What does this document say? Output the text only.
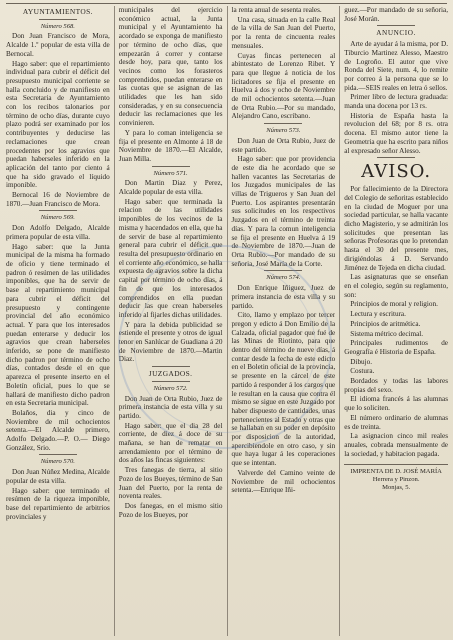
AYUNTAMIENTOS.
Número 568.

Don Juan Francisco de Mora, Alcalde 1.º popular de esta villa de Bernocal.

Hago saber: que el repartimiento individual para cubrir el déficit del presupuesto municipal corriente se halla concluido y de manifiesto en esta Secretaria de Ayuntamiento con los recibos talonarios por término de ocho días, durante cuyo plazo podrá ser examinado por los contribuyentes y deducirse las reclamaciones que crean procedentes por los agravios que puedan haberseles inferido en la aplicación del tanto por ciento á que ha sido gravado el líquido imponible.

Bernocal 16 de Noviembre de 1870.—Juan Francisco de Mora.

Número 569.

Don Adolfo Delgado, Alcalde primera popular de esta villa.

Hago saber: que la Junta municipal de la misma ha formado de oficio y tiene terminado el padron ó resúmen de las utilidades imponibles, que ha de servir de base al repartimiento municipal para cubrir el déficit del presupuesto y contingente provincial del año económico actual. Y para que los interesados puedan enterarse y deducir los agravios que crean haberseles inferido, se pone de manifiesto dicho padron por término de ocho días, contados desde el en que aparezca el presente inserto en el Boletín oficial, pues lo que se hallará de manifiesto dicho padron en esta Secretaria municipal.

Bolaños, dia y cinco de Noviembre de mil ochocientos setenta.—El Alcalde primero, Adolfo Delgado.—P. O.— Diego González, Srio.

Número 570.

Don Juan Núñez Medina, Alcalde popular de esta villa.

Hago saber: que terminado el resúmen de la riqueza imponible, base del repartimiento de arbitrios provinciales y

municipales del ejercicio económico actual, la Junta municipal y el Ayuntamiento ha acordado se exponga de manifiesto por término de ocho días, que empezarán á correr y contarse desde hoy, para que, tanto los vecinos como los forasteros comprendidos, puedan enterarse en las cuotas que se asignan de las utilidades que les han sido consideradas, y en su consecuencia deducir las reclamaciones que les convinieren.

Y para lo coman inteligencia se fija el presente en Almonte á 18 de Noviembre de 1870.—El Alcalde, Juan Milla.

Número 571.

Don Martin Diaz y Perez, Alcalde popular de esta villa.

Hago saber: que terminada la relacion de las utilidades imponibles de los vecinos de la misma y hacendados en ella, que ha de servir de base al repartimiento general para cubrir el déficit que resulta del presupuesto ordinario en el corriente año económico, se halla expuesta de agravios sobre la dicha capital por término de ocho días, á fin de que los interesados comprendidos en ella puedan deducir las que crean haberseles inferido al fijarles dichas utilidades.

Y para la debida publicidad se estiende el presente y otros de igual tenor en Sanlúcar de Guadiana á 20 de Noviembre de 1870.—Martin Diaz.

JUZGADOS.
Número 572.

Don Juan de Orta Rubio, Juez de primera instancia de esta villa y su partido.

Hago saber: que el dia 28 del corriente, de diez á doce de su mañana, se han de rematar en arrendamiento por el término de dos años las fincas siguientes:

Tres fanegas de tierra, al sitio Pozo de los Bueyes, término de San Juan del Puerto, por la renta de noventa reales.

Dos fanegas, en el mismo sitio Pozo de los Bueyes, por

la renta anual de sesenta reales.

Una casa, situada en la calle Real de la villa de San Juan del Puerto, por la renta de cincuenta reales mensuales.

Cuyas fincas pertenecen al abintestato de Lorenzo Ribet. Y para que llegue á noticia de los licitadores se fija el presente en Huelva á dos y ocho de Noviembre de mil ochocientos setenta.—Juan de Orta Rubio.—Por su mandado, Alejandro Cano, escribano.

Número 573.

Don Juan de Orta Rubio, Juez de este partido.

Hago saber: que por providencia de este dia he acordado que se hallen vacantes las Secretarias de los Juzgados municipales de las villas de Trigueros y San Juan del Puerto. Los aspirantes presentarán sus solicitudes en los respectivos Juzgados en el término de treinta días. Y para la comun inteligencia se fija el presente en Huelva á 19 de Noviembre de 1870.—Juan de Orta Rubio.—Por mandado de su señoria, José María de la Corte.

Número 574.

Don Enrique Iñiguez, Juez de primera instancia de esta villa y su partido.

Cito, llamo y emplazo por tercer pregon y edicto á Don Emilio de la Calzada, oficial pagador que fué de las Minas de Riotinto, para que dentro del término de nueve días, á contar desde la fecha de este edicto en el Boletin oficial de la provincia, se presente en la cárcel de este partido á responder á los cargos que le resultan en la causa que contra él mismo se sigue en este Juzgado por haber dispuesto de cantidades, unas pertenecientes al Estado y otras que se hallaban en su poder en depósito por disposicion de la autoridad, apercibiendole en otro caso, y sin que haya lugar á les coperaciones que se intentan.

Valverde del Camino veinte de Noviembre de mil ochocientos setenta.—Enrique Iñi-

guez.—Por mandado de su señoria, José Morán.

ANUNCIO.

Arte de ayudar á la misma, por D. Tiburcio Martinez Alesso, Maestro de Logroño. El autor que vive Ronda del Siete, num. 4, lo remite por correo á la persona que se lo pida.—SEIS reales en letra ó sellos.

Primer libro de lectura graduada: manda una docena por 13 rs.

Historia de España hasta la revolucion del 68; por 8 rs. otra docena. El mismo autor tiene la Geometria que ha escrito para niños al expresado señor Alesso.

AVISO.

Por fallecimiento de la Directora del Colegio de señoritas establecido en la ciudad de Moguer por una sociedad particular, se halla vacante dicho Magisterio, y se admitirán los solicitudes que presentan las señoras Profesoras que lo pretendan hasta el 30 del presente mes, dirigiéndolas á D. Servando Jiménez de Tejeda en dicha ciudad.

Las asignaturas que se enseñan en el colegio, según su reglamento, son:

Principios de moral y religion.

Lectura y escritura.

Principios de aritmética.

Sistema métrico decimal.

Principales rudimentos de Geografía é Historia de España.

Dibujo.

Costura.

Bordados y todas las labores propias del sexo.

El idioma francés á las alumnas que lo soliciten.

El número ordinario de alumnas es de treinta.

La asignacion cinco mil reales anuales, cobrada mensualmente de la sociedad, y habitacion pagada.

IMPRENTA DE D. JOSÉ MARÍA Herrera y Pinzon.
Monjas, 5.
